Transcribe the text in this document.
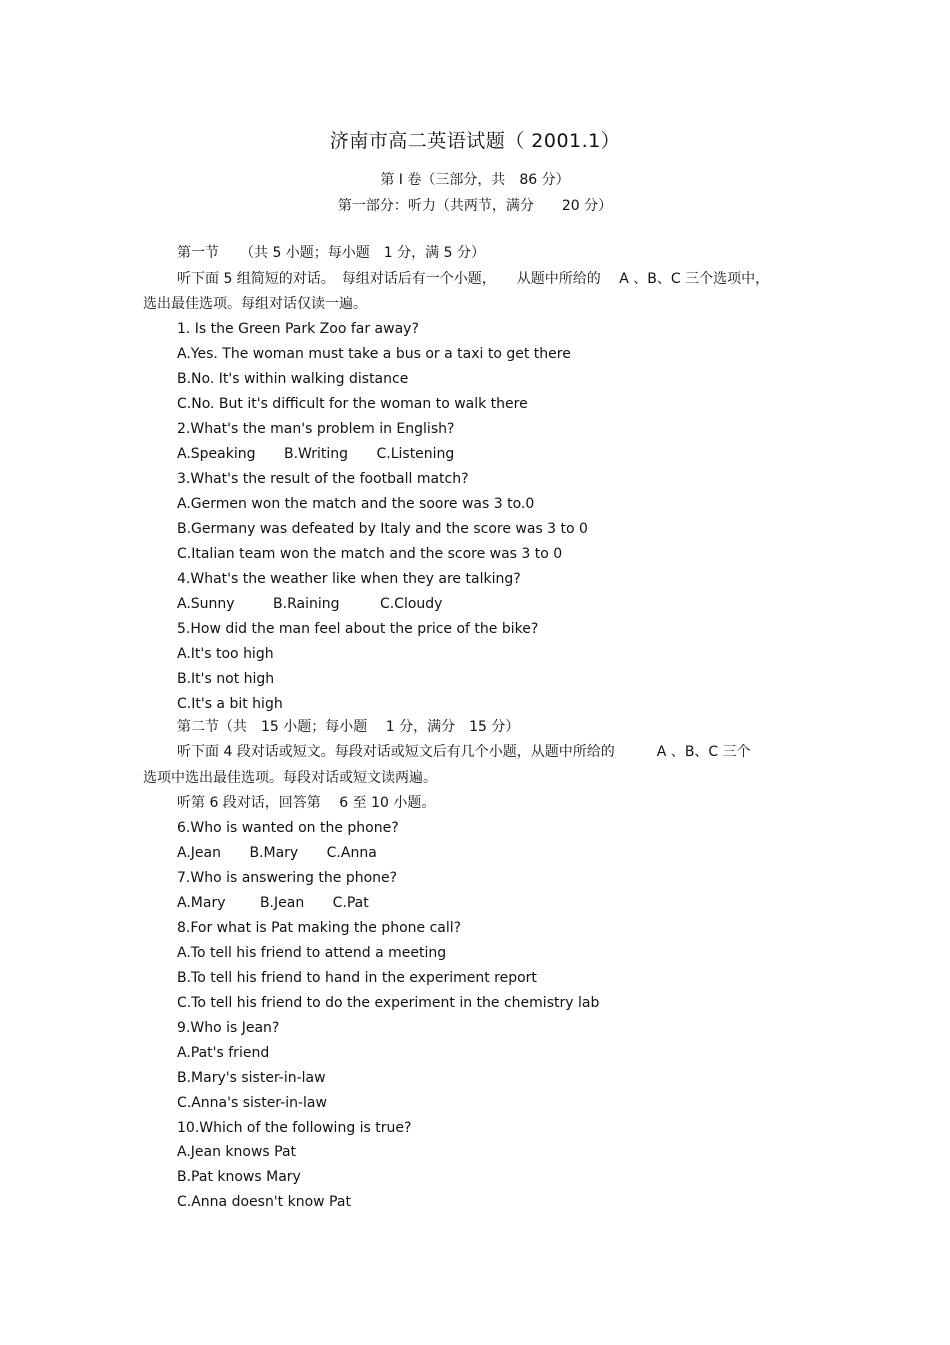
济南市高二英语试题（ 2001.1）
第 Ⅰ 卷（三部分，共　86 分）
第一部分：听力（共两节，满分　　20 分）
第一节　　（共 5 小题；每小题　1 分，满 5 分）
听下面 5 组简短的对话。　每组对话后有一个小题，　　从题中所给的　 A 、B、C 三个选项中，
选出最佳选项。每组对话仅读一遍。
1. Is the Green Park Zoo far away?
A.Yes. The woman must take a bus or a taxi to get there
B.No. It's within walking distance
C.No. But it's difficult for the woman to walk there
2.What's the man's problem in English?
A.Speaking B.Writing C.Listening
3.What's the result of the football match?
A.Germen won the match and the soore was 3 to.0
B.Germany was defeated by Italy and the score was 3 to 0
C.Italian team won the match and the score was 3 to 0
4.What's the weather like when they are talking?
A.Sunny	B.Raining	C.Cloudy
5.How did the man feel about the price of the bike?
A.It's too high
B.It's not high
C.It's a bit high
第二节（共　15 小题；每小题　 1 分，满分　15 分）
听下面 4 段对话或短文。每段对话或短文后有几个小题，从题中所给的　　　A 、B、C 三个
选项中选出最佳选项。每段对话或短文读两遍。
听第 6 段对话，回答第　 6 至 10 小题。
6.Who is wanted on the phone?
A.Jean B.Mary C.Anna
7.Who is answering the phone?
A.Mary B.Jean C.Pat
8.For what is Pat making the phone call?
A.To tell his friend to attend a meeting
B.To tell his friend to hand in the experiment report
C.To tell his friend to do the experiment in the chemistry lab
9.Who is Jean?
A.Pat's friend
B.Mary's sister-in-law
C.Anna's sister-in-law
10.Which of the following is true?
A.Jean knows Pat
B.Pat knows Mary
C.Anna doesn't know Pat
